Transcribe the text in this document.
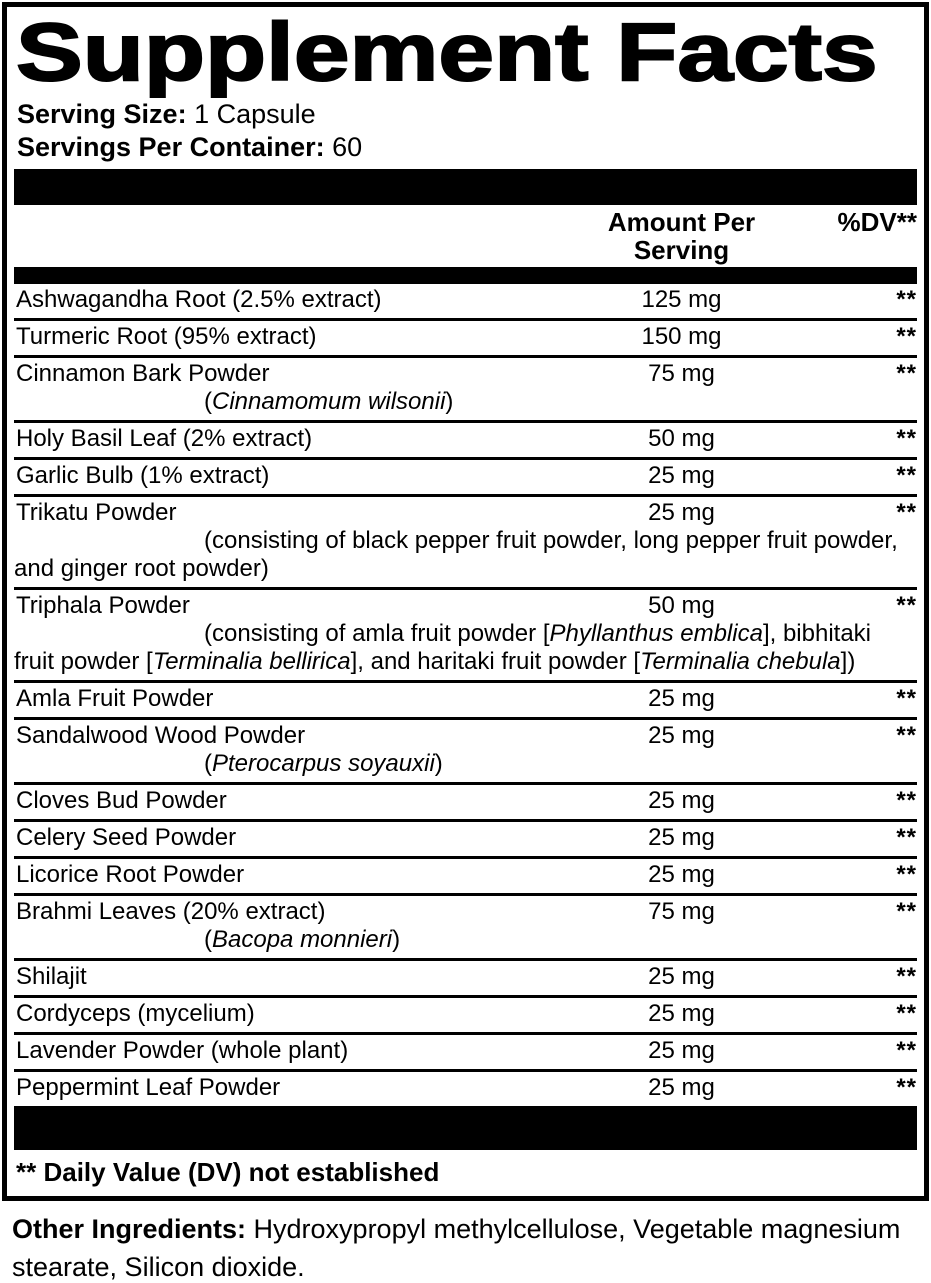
Supplement Facts
Serving Size: 1 Capsule
Servings Per Container: 60
Amount Per Serving
%DV**
Ashwagandha Root (2.5% extract)	125 mg	**
Turmeric Root (95% extract)	150 mg	**
Cinnamon Bark Powder	75 mg	**
(Cinnamomum wilsonii)
Holy Basil Leaf (2% extract)	50 mg	**
Garlic Bulb (1% extract)	25 mg	**
Trikatu Powder	25 mg	**
(consisting of black pepper fruit powder, long pepper fruit powder, and ginger root powder)
Triphala Powder	50 mg	**
(consisting of amla fruit powder [Phyllanthus emblica], bibhitaki fruit powder [Terminalia bellirica], and haritaki fruit powder [Terminalia chebula])
Amla Fruit Powder	25 mg	**
Sandalwood Wood Powder	25 mg	**
(Pterocarpus soyauxii)
Cloves Bud Powder	25 mg	**
Celery Seed Powder	25 mg	**
Licorice Root Powder	25 mg	**
Brahmi Leaves (20% extract)	75 mg	**
(Bacopa monnieri)
Shilajit	25 mg	**
Cordyceps (mycelium)	25 mg	**
Lavender Powder (whole plant)	25 mg	**
Peppermint Leaf Powder	25 mg	**
** Daily Value (DV) not established
Other Ingredients: Hydroxypropyl methylcellulose, Vegetable magnesium stearate, Silicon dioxide.
